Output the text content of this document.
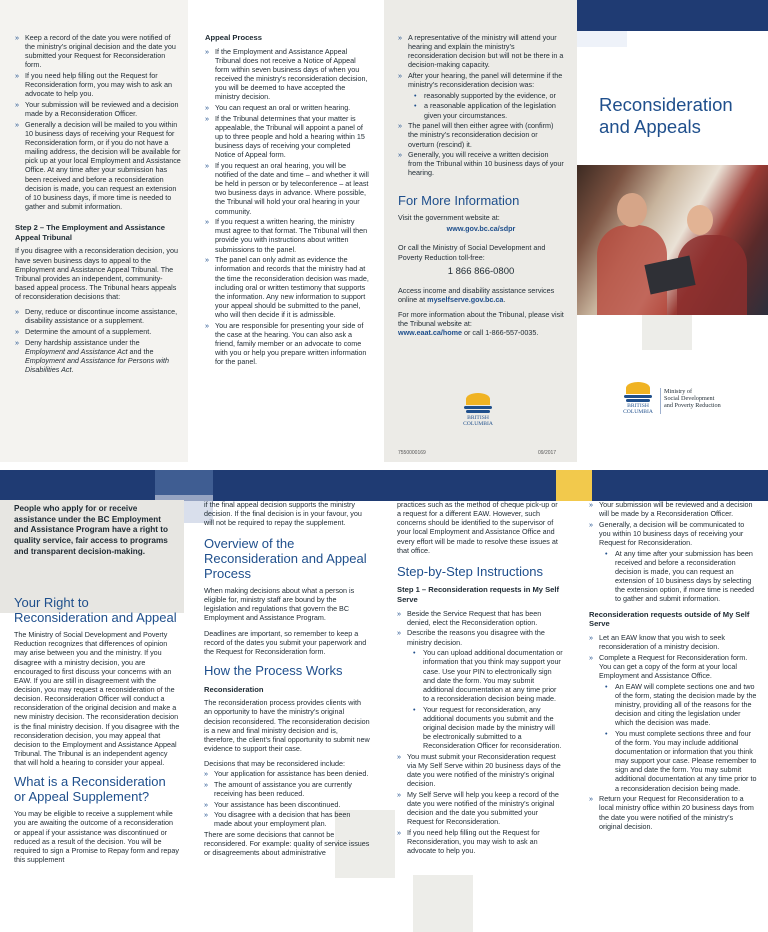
» Keep a record of the date you were notified of the ministry’s original decision and the date you submitted your Request for Reconsideration form.
» If you need help filling out the Request for Reconsideration form, you may wish to ask an advocate to help you.
» Your submission will be reviewed and a decision made by a Reconsideration Officer.
» Generally a decision will be mailed to you within 10 business days of receiving your Request for Reconsideration form, or if you do not have a mailing address, the decision will be available for pick up at your local Employment and Assistance Office. At any time after your submission has been received and before a reconsideration decision is made, you can request an extension of 10 business days, if more time is needed to gather and submit information.
Step 2 – The Employment and Assistance Appeal Tribunal

If you disagree with a reconsideration decision, you have seven business days to appeal to the Employment and Assistance Appeal Tribunal. The Tribunal provides an independent, community-based appeal process. The Tribunal hears appeals of reconsideration decisions that:

» Deny, reduce or discontinue income assistance, disability assistance or a supplement.
» Determine the amount of a supplement.
» Deny hardship assistance under the Employment and Assistance Act and the Employment and Assistance for Persons with Disabilities Act.
Appeal Process
» If the Employment and Assistance Appeal Tribunal does not receive a Notice of Appeal form within seven business days of when you received the ministry’s reconsideration decision, you will be deemed to have accepted the ministry decision.
» You can request an oral or written hearing.
» If the Tribunal determines that your matter is appealable, the Tribunal will appoint a panel of up to three people and hold a hearing within 15 business days of receiving your completed Notice of Appeal form.
» If you request an oral hearing, you will be notified of the date and time – and whether it will be held in person or by teleconference – at least two business days in advance. Where possible, the Tribunal will hold your oral hearing in your community.
» If you request a written hearing, the ministry must agree to that format. The Tribunal will then provide you with instructions about written submissions to the panel.
» The panel can only admit as evidence the information and records that the ministry had at the time the reconsideration decision was made, including oral or written testimony that supports the information. Any new information to support your appeal should be submitted to the panel, who will then decide if it is admissible.
» You are responsible for presenting your side of the case at the hearing. You can also ask a friend, family member or an advocate to come with you or help you prepare written information for the panel.
» A representative of the ministry will attend your hearing and explain the ministry’s reconsideration decision but will not be there in a decision-making capacity.
» After your hearing, the panel will determine if the ministry’s reconsideration decision was:
• reasonably supported by the evidence, or
• a reasonable application of the legislation given your circumstances.
» The panel will then either agree with (confirm) the ministry’s reconsideration decision or overturn (rescind) it.
» Generally, you will receive a written decision from the Tribunal within 10 business days of your hearing.
For More Information

Visit the government website at:

www.gov.bc.ca/sdpr

Or call the Ministry of Social Development and Poverty Reduction toll-free:

1 866 866-0800

Access income and disability assistance services online at myselfserve.gov.bc.ca.

For more information about the Tribunal, please visit the Tribunal website at:

www.eaat.ca/home or call 1-866-557-0035.

BRITISH
COLUMBIA
7550000169	09/2017
Reconsideration
and Appeals
BRITISH
COLUMBIA
Ministry of
Social Development
and Poverty Reduction

People who apply for or receive assistance under the BC Employment and Assistance Program have a right to quality service, fair access to programs and transparent decision-making.

Your Right to Reconsideration and Appeal

The Ministry of Social Development and Poverty Reduction recognizes that differences of opinion may arise between you and the ministry. If you disagree with a ministry decision, you are encouraged to first discuss your concerns with an EAW. If you are still in disagreement with the decision, you may request a reconsideration of the decision. Reconsideration Officer will conduct a reconsideration of the original decision and make a new ministry decision. The reconsideration decision is the final ministry decision. If you disagree with the reconsideration decision, you may appeal that decision to the Employment and Assistance Appeal Tribunal. The Tribunal is an independent agency that will hold a hearing to consider your appeal.

What is a Reconsideration or Appeal Supplement?

You may be eligible to receive a supplement while you are awaiting the outcome of a reconsideration or appeal if your assistance was discontinued or reduced as a result of the decision. You will be required to sign a Promise to Repay form and repay this supplement

if the final appeal decision supports the ministry decision. If the final decision is in your favour, you will not be required to repay the supplement.

Overview of the Reconsideration and Appeal Process

When making decisions about what a person is eligible for, ministry staff are bound by the legislation and regulations that govern the BC Employment and Assistance Program.

Deadlines are important, so remember to keep a record of the dates you submit your paperwork and the Request for Reconsideration form.

How the Process Works
Reconsideration

The reconsideration process provides clients with an opportunity to have the ministry’s original decision reconsidered. The reconsideration decision is a new and final ministry decision and is, therefore, the client’s final opportunity to submit new evidence to support their case.

Decisions that may be reconsidered include:

» Your application for assistance has been denied.
» The amount of assistance you are currently receiving has been reduced.
» Your assistance has been discontinued.
» You disagree with a decision that has been made about your employment plan.

There are some decisions that cannot be reconsidered. For example: quality of service issues or disagreements about administrative

practices such as the method of cheque pick-up or a request for a different EAW. However, such concerns should be identified to the supervisor of your local Employment and Assistance Office and every effort will be made to resolve these issues at that office.

Step-by-Step Instructions
Step 1 – Reconsideration requests in My Self Serve
» Beside the Service Request that has been denied, elect the Reconsideration option.
» Describe the reasons you disagree with the ministry decision.
• You can upload additional documentation or information that you think may support your case. Use your PIN to electronically sign and date the form. You may submit additional documentation at any time prior to a reconsideration decision being made.
• Your request for reconsideration, any additional documents you submit and the original decision made by the ministry will be electronically submitted to a Reconsideration Officer for reconsideration.
» You must submit your Reconsideration request via My Self Serve within 20 business days of the date you were notified of the ministry’s original decision.
» My Self Serve will help you keep a record of the date you were notified of the ministry’s original decision and the date you submitted your Request for Reconsideration.
» If you need help filling out the Request for Reconsideration, you may wish to ask an advocate to help you.
» Your submission will be reviewed and a decision will be made by a Reconsideration Officer.
» Generally, a decision will be communicated to you within 10 business days of receiving your Request for Reconsideration.
• At any time after your submission has been received and before a reconsideration decision is made, you can request an extension of 10 business days by selecting the extension option, if more time is needed to gather and submit information.
Reconsideration requests outside of My Self Serve
» Let an EAW know that you wish to seek reconsideration of a ministry decision.
» Complete a Request for Reconsideration form. You can get a copy of the form at your local Employment and Assistance Office.
• An EAW will complete sections one and two of the form, stating the decision made by the ministry, providing all of the reasons for the decision and citing the legislation under which the decision was made.
• You must complete sections three and four of the form. You may include additional documentation or information that you think may support your case. Please remember to sign and date the form. You may submit additional documentation at any time prior to a reconsideration decision being made.
» Return your Request for Reconsideration to a local ministry office within 20 business days from the date you were notified of the ministry’s original decision.
